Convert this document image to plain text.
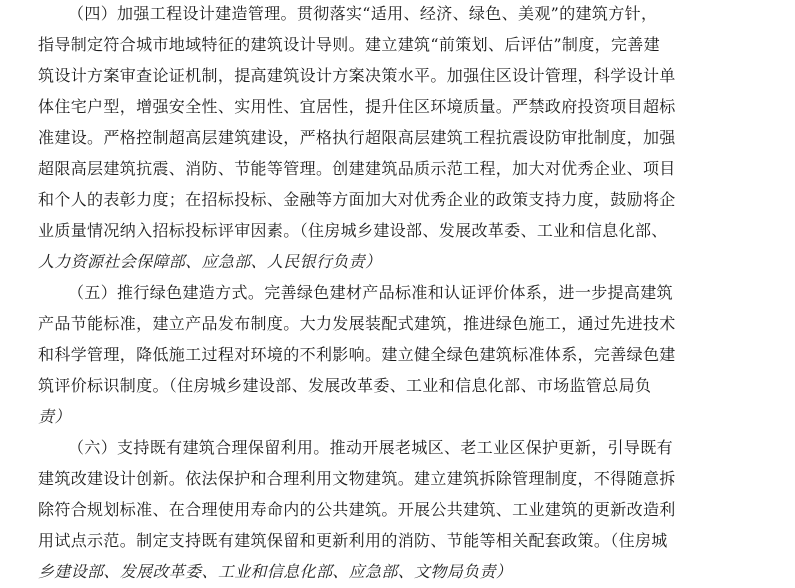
（四）加强工程设计建造管理。贯彻落实“适用、经济、绿色、美观”的建筑方针，
指导制定符合城市地域特征的建筑设计导则。建立建筑“前策划、后评估”制度，完善建
筑设计方案审查论证机制，提高建筑设计方案决策水平。加强住区设计管理，科学设计单
体住宅户型，增强安全性、实用性、宜居性，提升住区环境质量。严禁政府投资项目超标
准建设。严格控制超高层建筑建设，严格执行超限高层建筑工程抗震设防审批制度，加强
超限高层建筑抗震、消防、节能等管理。创建建筑品质示范工程，加大对优秀企业、项目
和个人的表彰力度；在招标投标、金融等方面加大对优秀企业的政策支持力度，鼓励将企
业质量情况纳入招标投标评审因素。（住房城乡建设部、发展改革委、工业和信息化部、
人力资源社会保障部、应急部、人民银行负责）
（五）推行绿色建造方式。完善绿色建材产品标准和认证评价体系，进一步提高建筑
产品节能标准，建立产品发布制度。大力发展装配式建筑，推进绿色施工，通过先进技术
和科学管理，降低施工过程对环境的不利影响。建立健全绿色建筑标准体系，完善绿色建
筑评价标识制度。（住房城乡建设部、发展改革委、工业和信息化部、市场监管总局负
责）
（六）支持既有建筑合理保留利用。推动开展老城区、老工业区保护更新，引导既有
建筑改建设计创新。依法保护和合理利用文物建筑。建立建筑拆除管理制度，不得随意拆
除符合规划标准、在合理使用寿命内的公共建筑。开展公共建筑、工业建筑的更新改造利
用试点示范。制定支持既有建筑保留和更新利用的消防、节能等相关配套政策。（住房城
乡建设部、发展改革委、工业和信息化部、应急部、文物局负责）
